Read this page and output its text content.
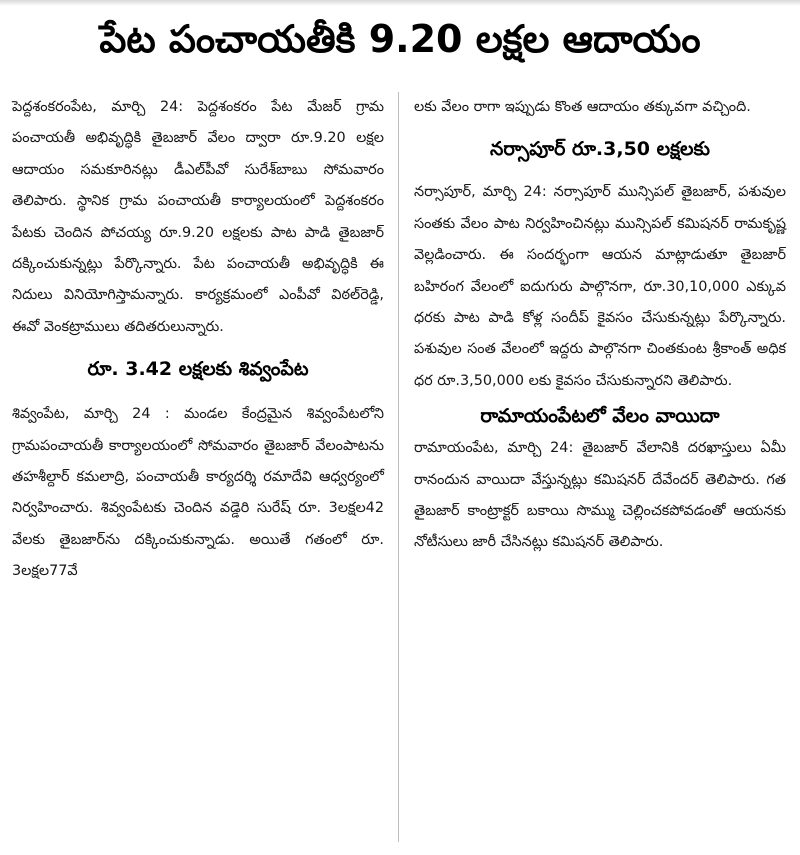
పేట పంచాయతీకి 9.20 లక్షల ఆదాయం

పెద్దశంకరంపేట, మార్చి 24: పెద్దశంకరం పేట మేజర్ గ్రామ పంచాయతీ అభివృద్ధికి తైబజార్ వేలం ద్వారా రూ.9.20 లక్షల ఆదాయం సమకూరినట్లు డీఎల్‌పీవో సురేశ్‌బాబు సోమవారం తెలిపారు. స్థానిక గ్రామ పంచాయతీ కార్యాలయంలో పెద్దశంకరం పేటకు చెందిన పోచయ్య రూ.9.20 లక్షలకు పాట పాడి తైబజార్ దక్కించుకున్నట్లు పేర్కొన్నారు. పేట పంచాయతీ అభివృద్ధికి ఈ నిదులు వినియోగిస్తామన్నారు. కార్యక్రమంలో ఎంపీవో విఠల్‌రెడ్డి, ఈవో వెంకట్రాములు తదితరులున్నారు.

రూ. 3.42 లక్షలకు శివ్వంపేట

శివ్వంపేట, మార్చి 24 : మండల కేంద్రమైన శివ్వంపేటలోని గ్రామపంచాయతీ కార్యాలయంలో సోమవారం తైబజార్ వేలంపాటను తహశీల్దార్ కమలాద్రి, పంచాయతీ కార్యదర్శి రమాదేవి ఆధ్వర్యంలో నిర్వహించారు. శివ్వంపేటకు చెందిన వడ్డెరి సురేష్ రూ. 3లక్షల42 వేలకు తైబజార్‌ను దక్కించుకున్నాడు. అయితే గతంలో రూ. 3లక్షల77వే

లకు వేలం రాగా ఇప్పుడు కొంత ఆదాయం తక్కువగా వచ్చింది.

నర్సాపూర్ రూ.3,50 లక్షలకు

నర్సాపూర్, మార్చి 24: నర్సాపూర్ మున్సిపల్ తైబజార్, పశువుల సంతకు వేలం పాట నిర్వహించినట్లు మున్సిపల్ కమిషనర్ రామకృష్ణ వెల్లడించారు. ఈ సందర్భంగా ఆయన మాట్లాడుతూ తైబజార్ బహిరంగ వేలంలో ఐదుగురు పాల్గొనగా, రూ.30,10,000 ఎక్కువ ధరకు పాట పాడి కోళ్ల సందీప్ కైవసం చేసుకున్నట్లు పేర్కొన్నారు. పశువుల సంత వేలంలో ఇద్దరు పాల్గొనగా చింతకుంట శ్రీకాంత్ అధిక ధర రూ.3,50,000 లకు కైవసం చేసుకున్నారని తెలిపారు.

రామాయంపేటలో వేలం వాయిదా

రామాయంపేట, మార్చి 24: తైబజార్ వేలానికి దరఖాస్తులు ఏమీ రానందున వాయిదా వేస్తున్నట్లు కమిషనర్ దేవేందర్ తెలిపారు. గత తైబజార్ కాంట్రాక్టర్ బకాయి సొమ్ము చెల్లించకపోవడంతో ఆయనకు నోటీసులు జారీ చేసినట్లు కమిషనర్ తెలిపారు.
